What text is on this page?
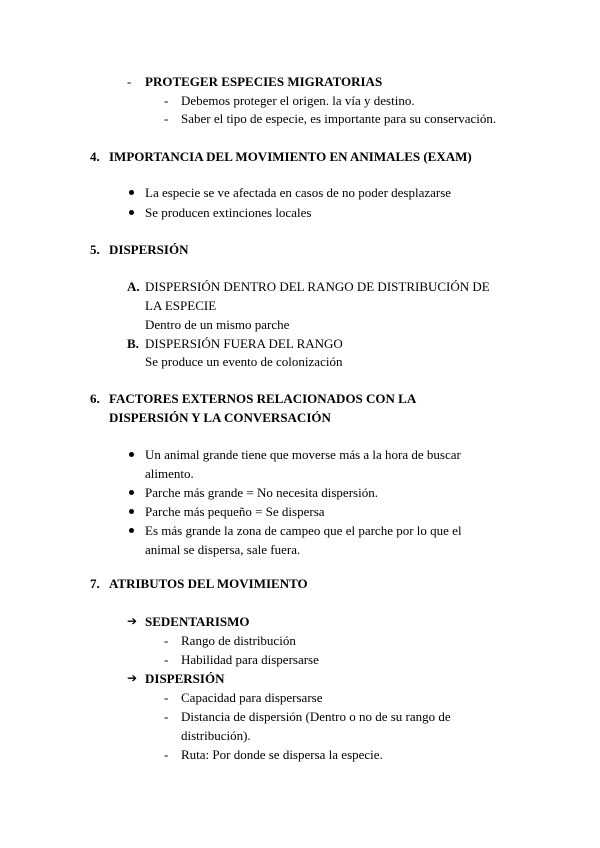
- PROTEGER ESPECIES MIGRATORIAS
- Debemos proteger el origen. la vía y destino.
- Saber el tipo de especie, es importante para su conservación.
4. IMPORTANCIA DEL MOVIMIENTO EN ANIMALES (EXAM)
La especie se ve afectada en casos de no poder desplazarse
Se producen extinciones locales
5. DISPERSIÓN
A. DISPERSIÓN DENTRO DEL RANGO DE DISTRIBUCIÓN DE
LA ESPECIE
Dentro de un mismo parche
B. DISPERSIÓN FUERA DEL RANGO
Se produce un evento de colonización
6. FACTORES EXTERNOS RELACIONADOS CON LA
DISPERSIÓN Y LA CONVERSACIÓN
Un animal grande tiene que moverse más a la hora de buscar
alimento.
Parche más grande = No necesita dispersión.
Parche más pequeño = Se dispersa
Es más grande la zona de campeo que el parche por lo que el
animal se dispersa, sale fuera.
7. ATRIBUTOS DEL MOVIMIENTO
➔ SEDENTARISMO
- Rango de distribución
- Habilidad para dispersarse
➔ DISPERSIÓN
- Capacidad para dispersarse
- Distancia de dispersión (Dentro o no de su rango de
distribución).
- Ruta: Por donde se dispersa la especie.
